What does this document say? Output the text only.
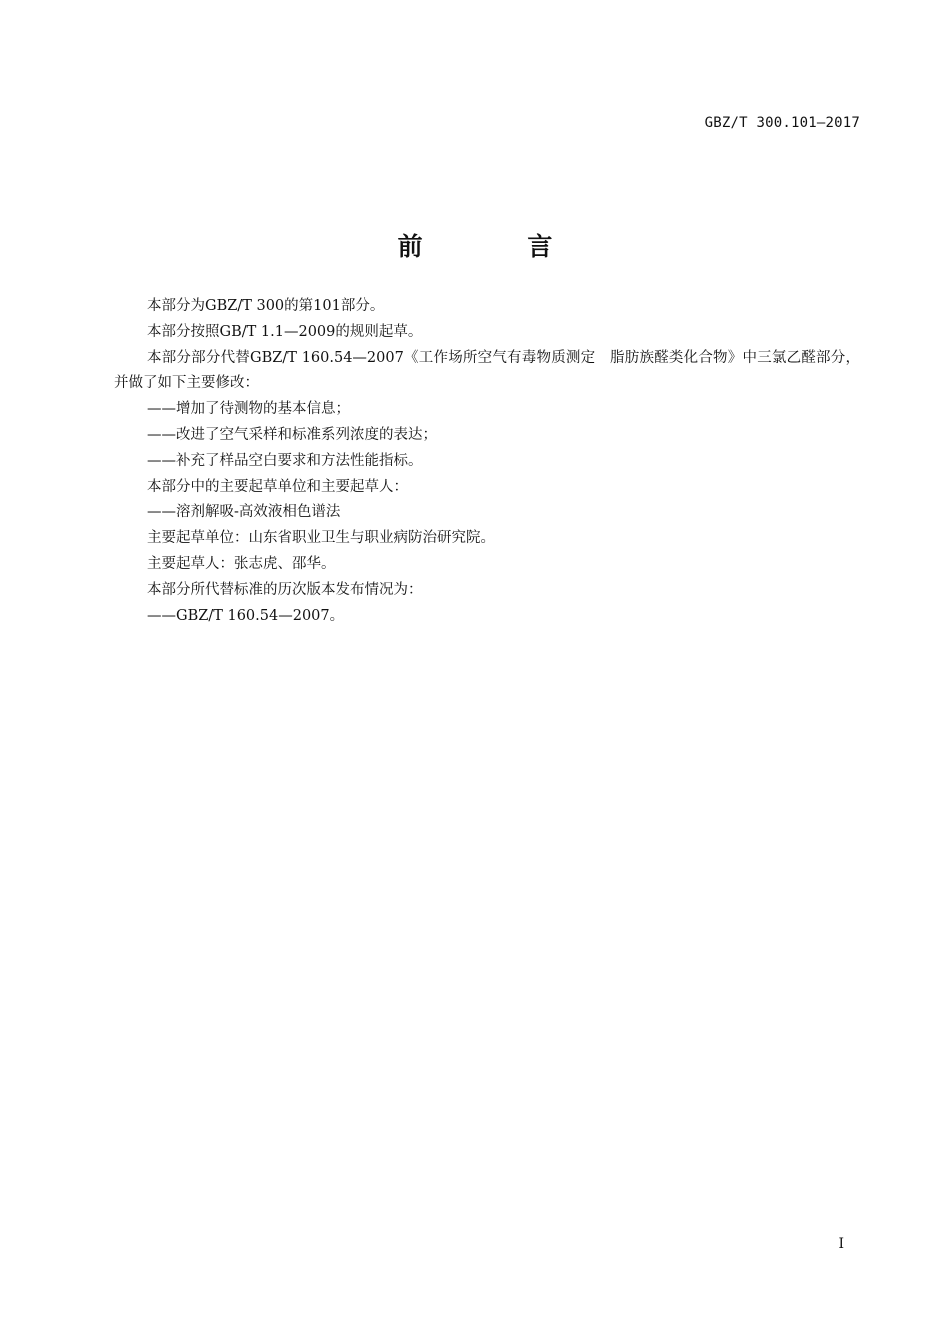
GBZ/T 300.101—2017
前 言

本部分为GBZ/T 300的第101部分。

本部分按照GB/T 1.1—2009的规则起草。

本部分部分代替GBZ/T 160.54—2007《工作场所空气有毒物质测定　脂肪族醛类化合物》中三氯乙醛部分，并做了如下主要修改：

——增加了待测物的基本信息；

——改进了空气采样和标准系列浓度的表达；

——补充了样品空白要求和方法性能指标。

本部分中的主要起草单位和主要起草人：

——溶剂解吸-高效液相色谱法

主要起草单位：山东省职业卫生与职业病防治研究院。

主要起草人：张志虎、邵华。

本部分所代替标准的历次版本发布情况为：

——GBZ/T 160.54—2007。

I
